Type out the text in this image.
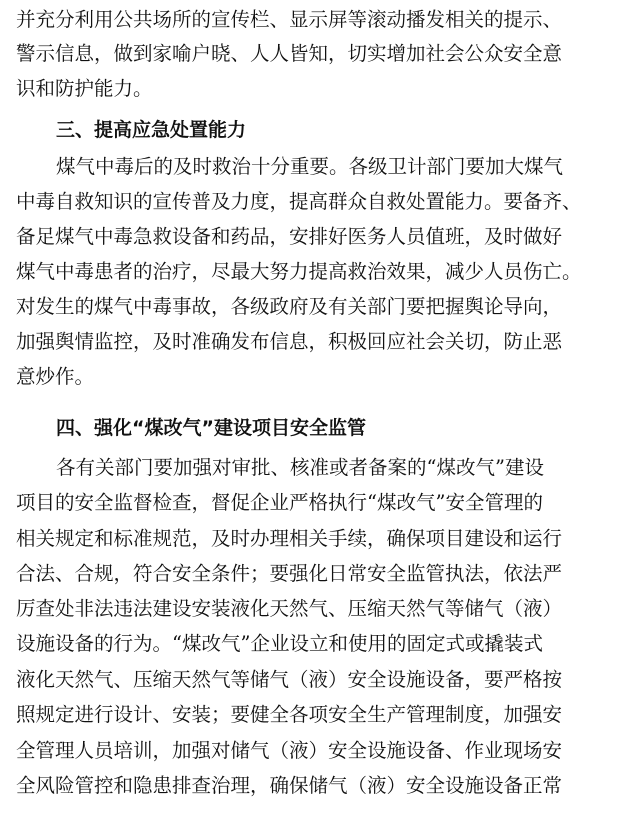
并充分利用公共场所的宣传栏、显示屏等滚动播发相关的提示、
警示信息，做到家喻户晓、人人皆知，切实增加社会公众安全意
识和防护能力。
三、提高应急处置能力
煤气中毒后的及时救治十分重要。各级卫计部门要加大煤气
中毒自救知识的宣传普及力度，提高群众自救处置能力。要备齐、
备足煤气中毒急救设备和药品，安排好医务人员值班，及时做好
煤气中毒患者的治疗，尽最大努力提高救治效果，减少人员伤亡。
对发生的煤气中毒事故，各级政府及有关部门要把握舆论导向，
加强舆情监控，及时准确发布信息，积极回应社会关切，防止恶
意炒作。
四、强化“煤改气”建设项目安全监管
各有关部门要加强对审批、核准或者备案的“煤改气”建设
项目的安全监督检查，督促企业严格执行“煤改气”安全管理的
相关规定和标准规范，及时办理相关手续，确保项目建设和运行
合法、合规，符合安全条件；要强化日常安全监管执法，依法严
厉查处非法违法建设安装液化天然气、压缩天然气等储气（液）
设施设备的行为。“煤改气”企业设立和使用的固定式或撬装式
液化天然气、压缩天然气等储气（液）安全设施设备，要严格按
照规定进行设计、安装；要健全各项安全生产管理制度，加强安
全管理人员培训，加强对储气（液）安全设施设备、作业现场安
全风险管控和隐患排查治理，确保储气（液）安全设施设备正常
